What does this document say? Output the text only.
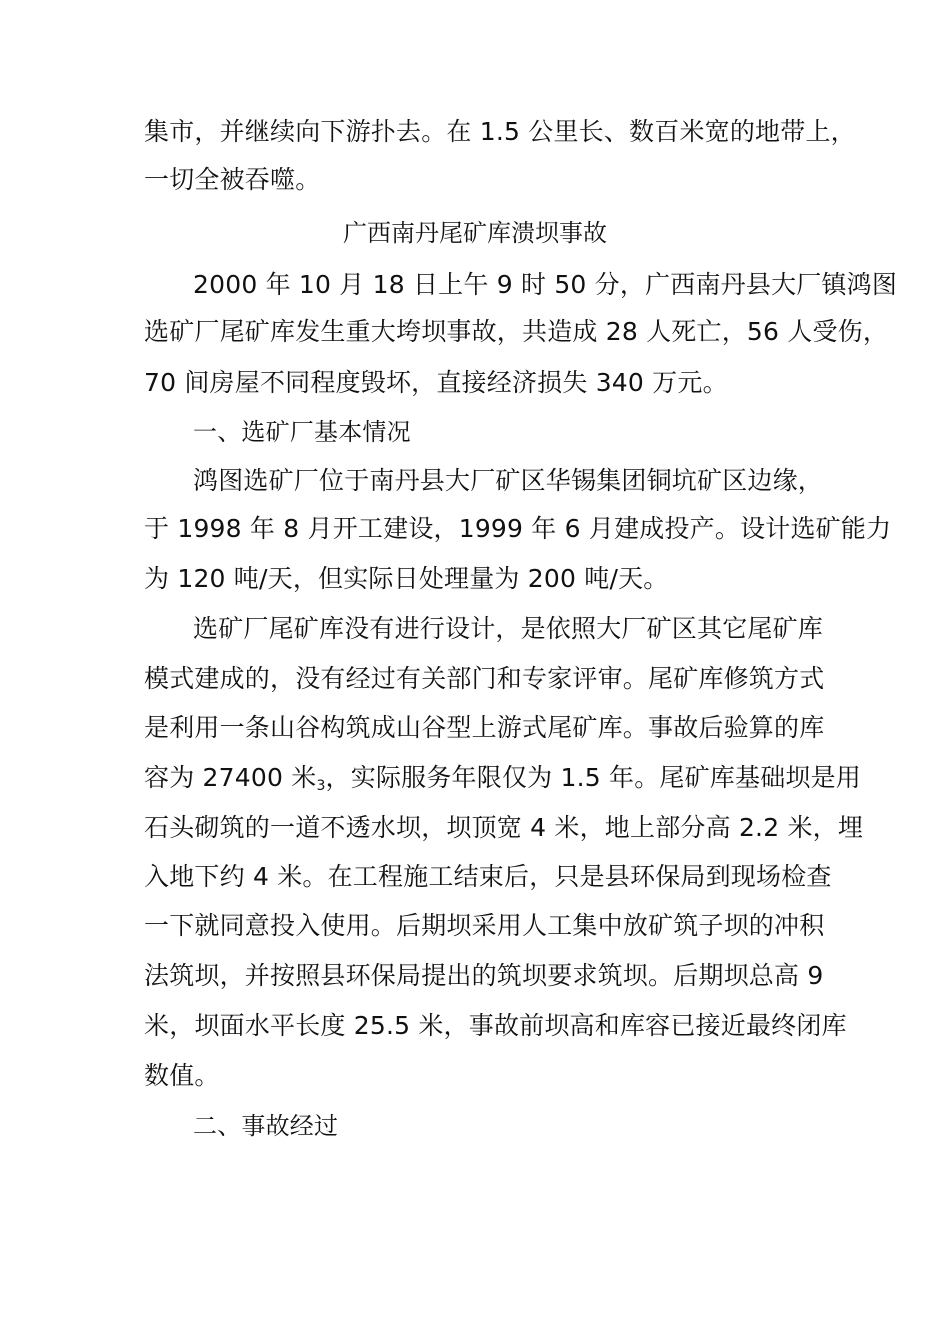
集市，并继续向下游扑去。在 1.5 公里长、数百米宽的地带上，
一切全被吞噬。
广西南丹尾矿库溃坝事故
2000 年 10 月 18 日上午 9 时 50 分，广西南丹县大厂镇鸿图
选矿厂尾矿库发生重大垮坝事故，共造成 28 人死亡，56 人受伤，
70 间房屋不同程度毁坏，直接经济损失 340 万元。
一、选矿厂基本情况
鸿图选矿厂位于南丹县大厂矿区华锡集团铜坑矿区边缘，
于 1998 年 8 月开工建设，1999 年 6 月建成投产。设计选矿能力
为 120 吨/天，但实际日处理量为 200 吨/天。
选矿厂尾矿库没有进行设计，是依照大厂矿区其它尾矿库
模式建成的，没有经过有关部门和专家评审。尾矿库修筑方式
是利用一条山谷构筑成山谷型上游式尾矿库。事故后验算的库
容为 27400 米$_3$，实际服务年限仅为 1.5 年。尾矿库基础坝是用
石头砌筑的一道不透水坝，坝顶宽 4 米，地上部分高 2.2 米，埋
入地下约 4 米。在工程施工结束后，只是县环保局到现场检查
一下就同意投入使用。后期坝采用人工集中放矿筑子坝的冲积
法筑坝，并按照县环保局提出的筑坝要求筑坝。后期坝总高 9
米，坝面水平长度 25.5 米，事故前坝高和库容已接近最终闭库
数值。
二、事故经过
